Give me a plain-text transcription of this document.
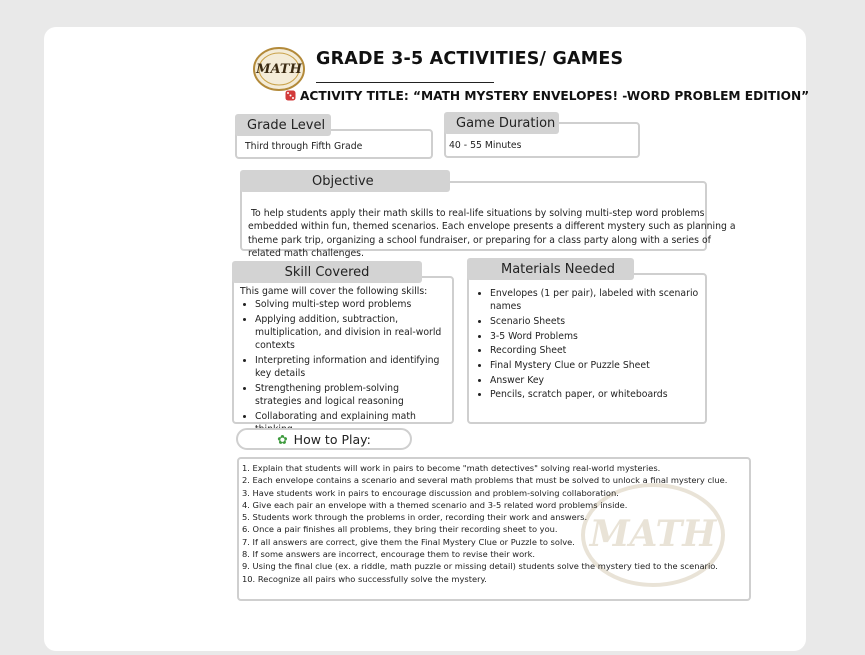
MATH
GRADE 3-5 ACTIVITIES/ GAMES
ACTIVITY TITLE: “MATH MYSTERY ENVELOPES! -WORD PROBLEM EDITION”
Grade Level
Third through Fifth Grade
Game Duration
40 - 55 Minutes
Objective

To help students apply their math skills to real-life situations by solving multi-step word problems
embedded within fun, themed scenarios. Each envelope presents a different mystery such as planning a
theme park trip, organizing a school fundraiser, or preparing for a class party along with a series of
related math challenges.

Skill Covered
This game will cover the following skills:
• Solving multi-step word problems
• Applying addition, subtraction, multiplication, and division in real-world contexts
• Interpreting information and identifying key details
• Strengthening problem-solving strategies and logical reasoning
• Collaborating and explaining math
Materials Needed
• Envelopes (1 per pair), labeled with scenario names
• Scenario Sheets
• 3-5 Word Problems
• Recording Sheet
• Final Mystery Clue or Puzzle Sheet
• Answer Key
• Pencils, scratch paper, or whiteboards
✿ How to Play:
MATH
1. Explain that students will work in pairs to become "math detectives" solving real-world mysteries.
2. Each envelope contains a scenario and several math problems that must be solved to unlock a final mystery clue.
3. Have students work in pairs to encourage discussion and problem-solving collaboration.
4. Give each pair an envelope with a themed scenario and 3-5 related word problems inside.
5. Students work through the problems in order, recording their work and answers.
6. Once a pair finishes all problems, they bring their recording sheet to you.
7. If all answers are correct, give them the Final Mystery Clue or Puzzle to solve.
8. If some answers are incorrect, encourage them to revise their work.
9. Using the final clue (ex. a riddle, math puzzle or missing detail) students solve the mystery tied to the scenario.
10. Recognize all pairs who successfully solve the mystery.
